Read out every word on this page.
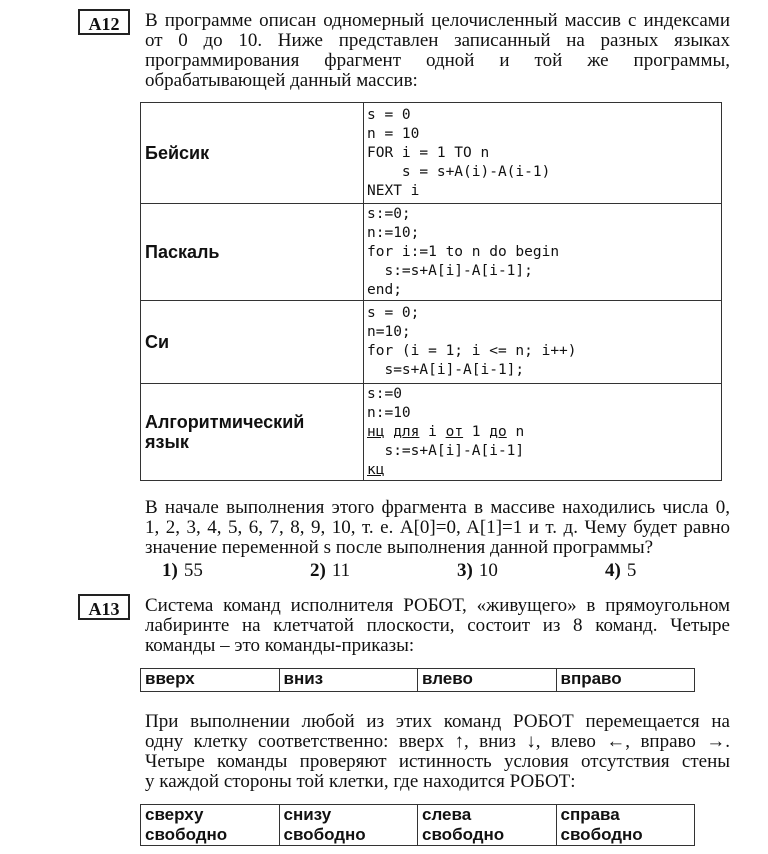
A12	В программе описан одномерный целочисленный массив с индексами
от 0 до 10. Ниже представлен записанный на разных языках
программирования фрагмент одной и той же программы,
обрабатывающей данный массив:
Бейсик	s = 0
n = 10
FOR i = 1 TO n
s = s+A(i)-A(i-1)
NEXT i
Паскаль	s:=0;
n:=10;
for i:=1 to n do begin
s:=s+A[i]-A[i-1];
end;
Си	s = 0;
n=10;
for (i = 1; i <= n; i++)
s=s+A[i]-A[i-1];
Алгоритмический язык	s:=0
n:=10
нц для i от 1 до n
s:=s+A[i]-A[i-1]
кц
В начале выполнения этого фрагмента в массиве находились числа 0,
1, 2, 3, 4, 5, 6, 7, 8, 9, 10, т. е. A[0]=0, A[1]=1 и т. д. Чему будет равно
значение переменной s после выполнения данной программы?
1) 55	2) 11	3) 10	4) 5
A13	Система команд исполнителя РОБОТ, «живущего» в прямоугольном
лабиринте на клетчатой плоскости, состоит из 8 команд. Четыре
команды – это команды-приказы:
вверх	вниз	влево	вправо
При выполнении любой из этих команд РОБОТ перемещается на
одну клетку соответственно: вверх ↑, вниз ↓, влево ←, вправо →.
Четыре команды проверяют истинность условия отсутствия стены
у каждой стороны той клетки, где находится РОБОТ:
сверху
свободно	снизу
свободно	слева
свободно	справа
свободно
